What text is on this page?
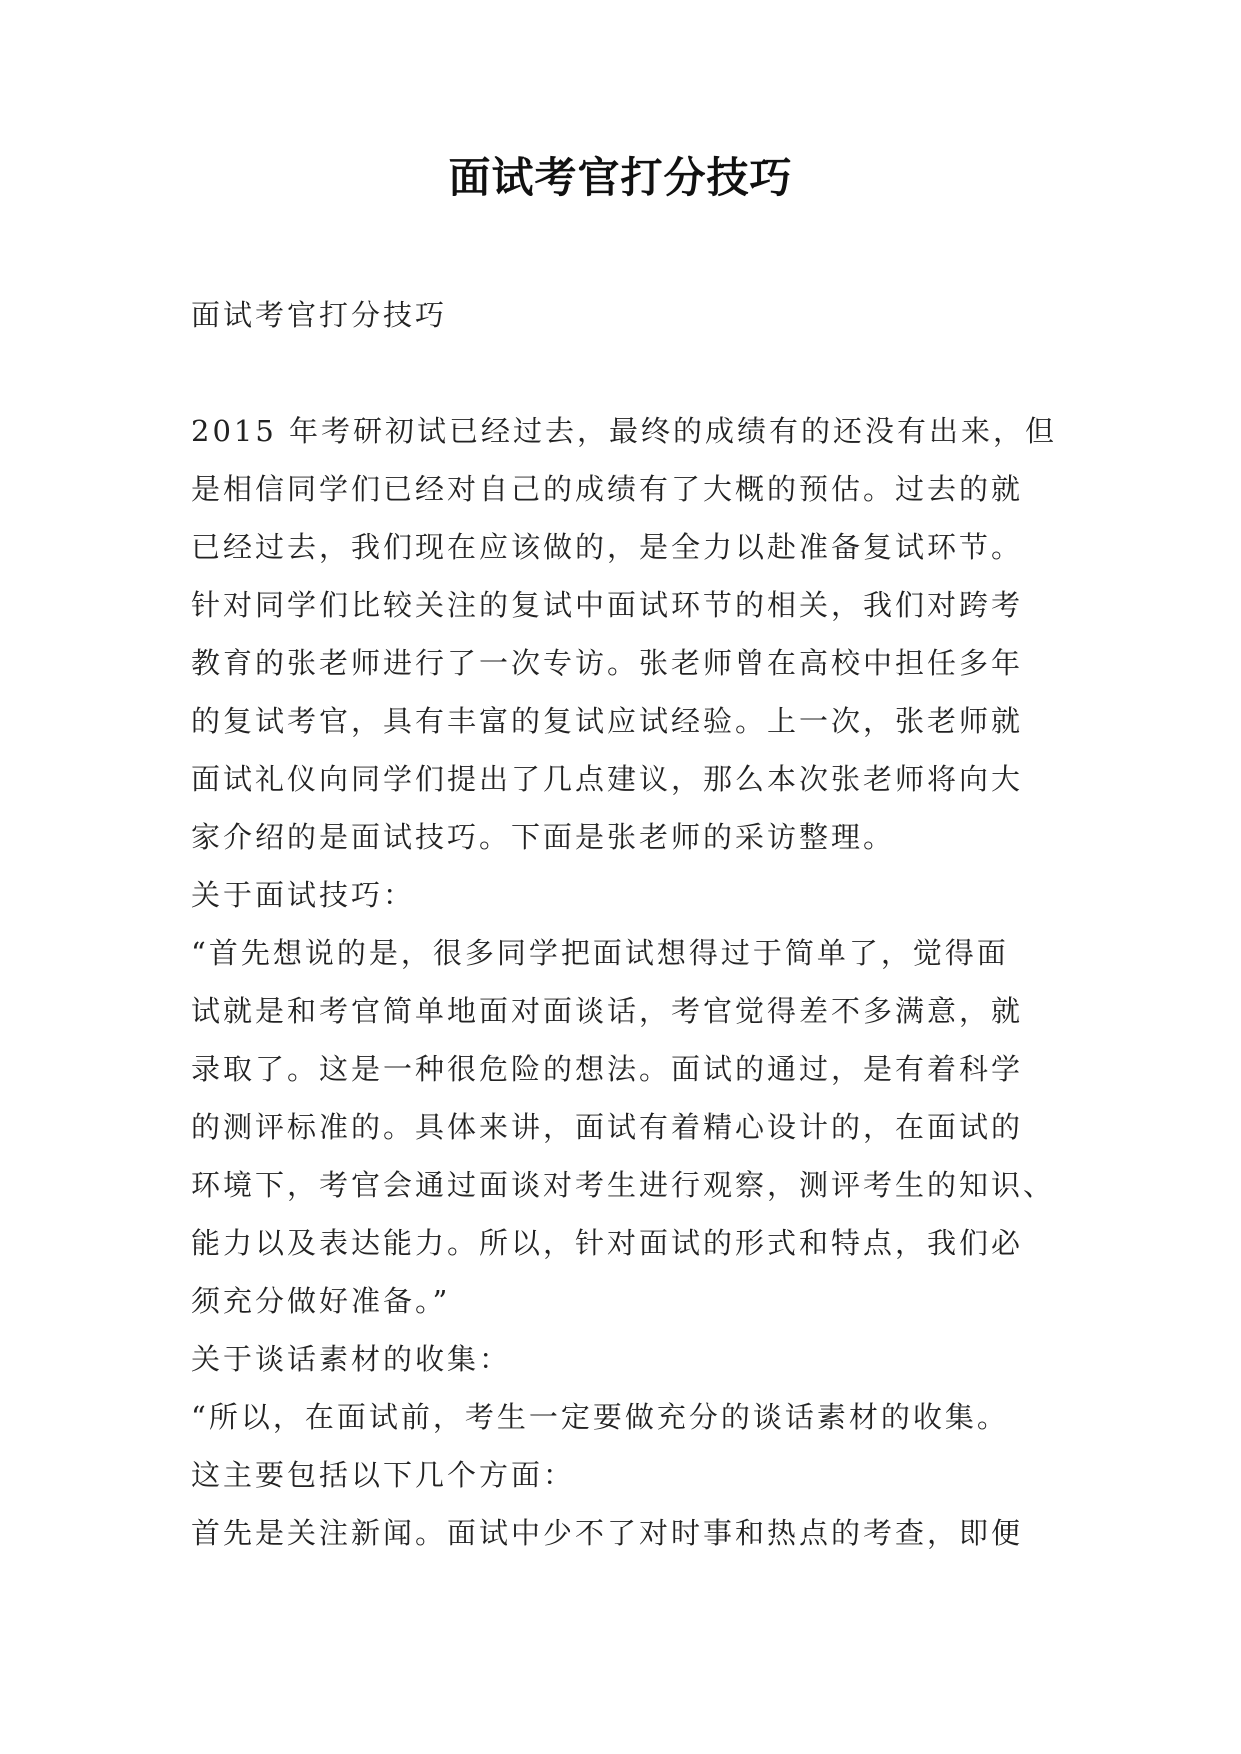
面试考官打分技巧
面试考官打分技巧
2015 年考研初试已经过去，最终的成绩有的还没有出来，但
是相信同学们已经对自己的成绩有了大概的预估。过去的就
已经过去，我们现在应该做的，是全力以赴准备复试环节。
针对同学们比较关注的复试中面试环节的相关，我们对跨考
教育的张老师进行了一次专访。张老师曾在高校中担任多年
的复试考官，具有丰富的复试应试经验。上一次，张老师就
面试礼仪向同学们提出了几点建议，那么本次张老师将向大
家介绍的是面试技巧。下面是张老师的采访整理。
关于面试技巧：
“首先想说的是，很多同学把面试想得过于简单了，觉得面
试就是和考官简单地面对面谈话，考官觉得差不多满意，就
录取了。这是一种很危险的想法。面试的通过，是有着科学
的测评标准的。具体来讲，面试有着精心设计的，在面试的
环境下，考官会通过面谈对考生进行观察，测评考生的知识、
能力以及表达能力。所以，针对面试的形式和特点，我们必
须充分做好准备。”
关于谈话素材的收集：
“所以，在面试前，考生一定要做充分的谈话素材的收集。
这主要包括以下几个方面：
首先是关注新闻。面试中少不了对时事和热点的考查，即便
